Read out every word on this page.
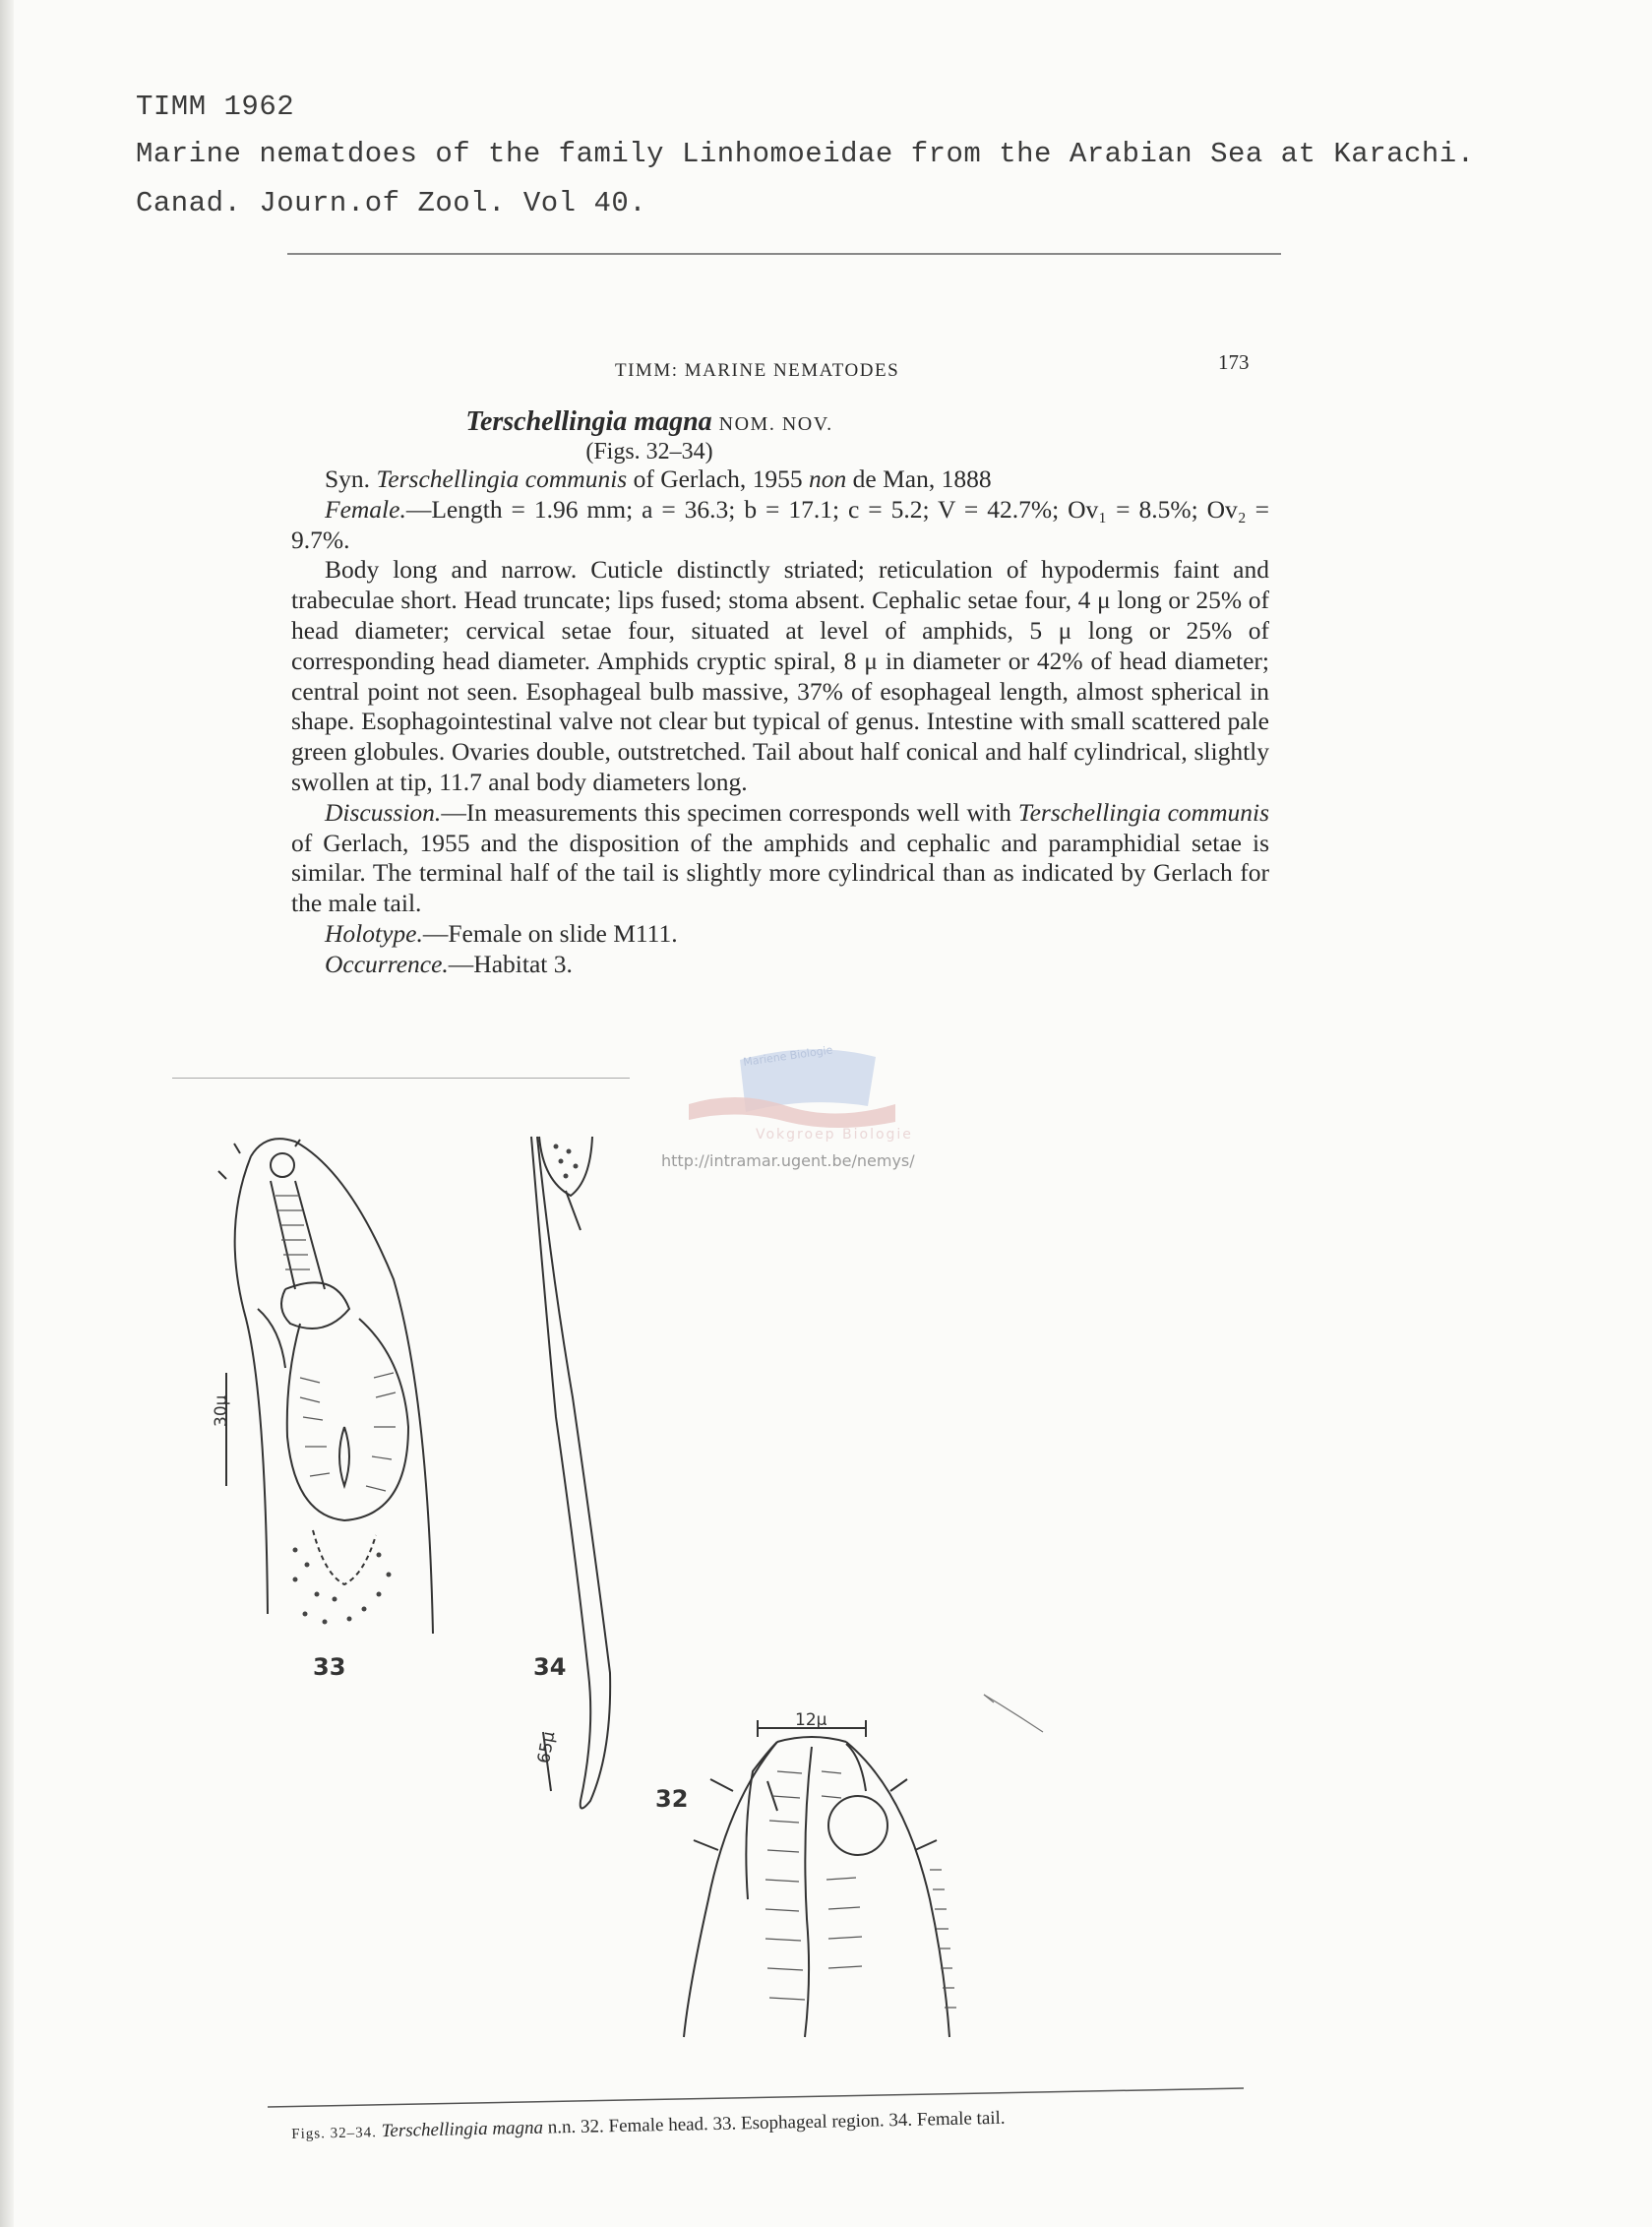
TIMM 1962
Marine nematdoes of the family Linhomoeidae from the Arabian Sea at Karachi.
Canad. Journ.of Zool. Vol 40.
TIMM: MARINE NEMATODES	173
Terschellingia magna NOM. NOV.
(Figs. 32–34)

Syn. Terschellingia communis of Gerlach, 1955 non de Man, 1888

Female.—Length = 1.96 mm; a = 36.3; b = 17.1; c = 5.2; V = 42.7%; Ov₁ = 8.5%; Ov₂ = 9.7%.

Body long and narrow. Cuticle distinctly striated; reticulation of hypodermis faint and trabeculae short. Head truncate; lips fused; stoma absent. Cephalic setae four, 4 μ long or 25% of head diameter; cervical setae four, situated at level of amphids, 5 μ long or 25% of corresponding head diameter. Amphids cryptic spiral, 8 μ in diameter or 42% of head diameter; central point not seen. Esophageal bulb massive, 37% of esophageal length, almost spherical in shape. Esophagointestinal valve not clear but typical of genus. Intestine with small scattered pale green globules. Ovaries double, outstretched. Tail about half conical and half cylindrical, slightly swollen at tip, 11.7 anal body diameters long.

Discussion.—In measurements this specimen corresponds well with Terschellingia communis of Gerlach, 1955 and the disposition of the amphids and cephalic and paramphidial setae is similar. The terminal half of the tail is slightly more cylindrical than as indicated by Gerlach for the male tail.

Holotype.—Female on slide M111.

Occurrence.—Habitat 3.

Mariene Biologie
Vokgroep Biologie
http://intramar.ugent.be/nemys/
30μ
65μ
12μ
33	34
32
Figs. 32–34. Terschellingia magna n.n. 32. Female head. 33. Esophageal region. 34. Female tail.
